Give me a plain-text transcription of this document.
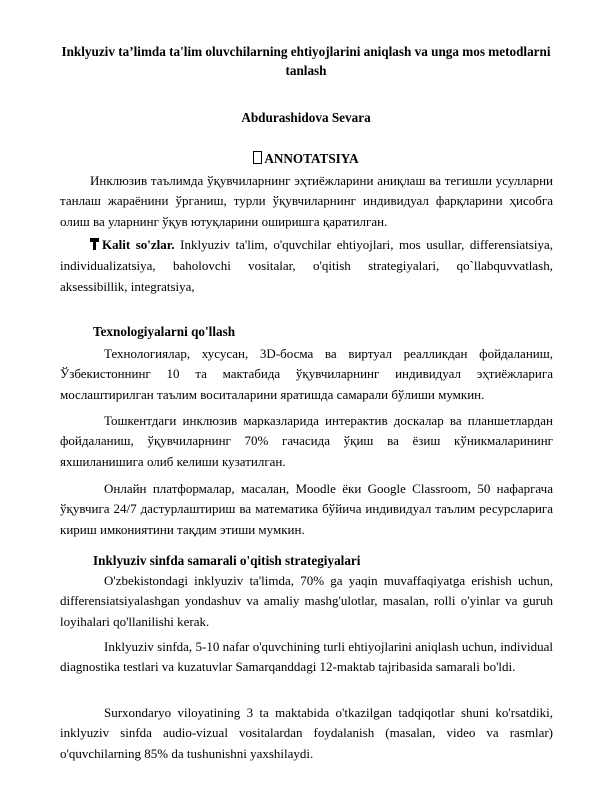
Inklyuziv ta’limda ta'lim oluvchilarning ehtiyojlarini aniqlash va unga mos metodlarni tanlash
Abdurashidova Sevara
ANNOTATSIYA
Инклюзив таълимда ўқувчиларнинг эҳтиёжларини аниқлаш ва тегишли усулларни танлаш жараёнини ўрганиш, турли ўқувчиларнинг индивидуал фарқларини ҳисобга олиш ва уларнинг ўқув ютуқларини оширишга қаратилган.
Kalit so'zlar. Inklyuziv ta'lim, o'quvchilar ehtiyojlari, mos usullar, differensiatsiya, individualizatsiya, baholovchi vositalar, o'qitish strategiyalari, qo`llabquvvatlash, aksessibillik, integratsiya,
Texnologiyalarni qo'llash
Технологиялар, хусусан, 3D-босма ва виртуал реалликдан фойдаланиш, Ўзбекистоннинг 10 та мактабида ўқувчиларнинг индивидуал эҳтиёжларига мослаштирилган таълим воситаларини яратишда самарали бўлиши мумкин.
Тошкентдаги инклюзив марказларида интерактив доскалар ва планшетлардан фойдаланиш, ўқувчиларнинг 70% гачасида ўқиш ва ёзиш кўникмаларининг яхшиланишига олиб келиши кузатилган.
Онлайн платформалар, масалан, Moodle ёки Google Classroom, 50 нафаргача ўқувчига 24/7 дастурлаштириш ва математика бўйича индивидуал таълим ресурсларига кириш имкониятини тақдим этиши мумкин.
Inklyuziv sinfda samarali o'qitish strategiyalari
O'zbekistondagi inklyuziv ta'limda, 70% ga yaqin muvaffaqiyatga erishish uchun, differensiatsiyalashgan yondashuv va amaliy mashg'ulotlar, masalan, rolli o'yinlar va guruh loyihalari qo'llanilishi kerak.
Inklyuziv sinfda, 5-10 nafar o'quvchining turli ehtiyojlarini aniqlash uchun, individual diagnostika testlari va kuzatuvlar Samarqanddagi 12-maktab tajribasida samarali bo'ldi.
Surxondaryo viloyatining 3 ta maktabida o'tkazilgan tadqiqotlar shuni ko'rsatdiki, inklyuziv sinfda audio-vizual vositalardan foydalanish (masalan, video va rasmlar) o'quvchilarning 85% da tushunishni yaxshilaydi.
